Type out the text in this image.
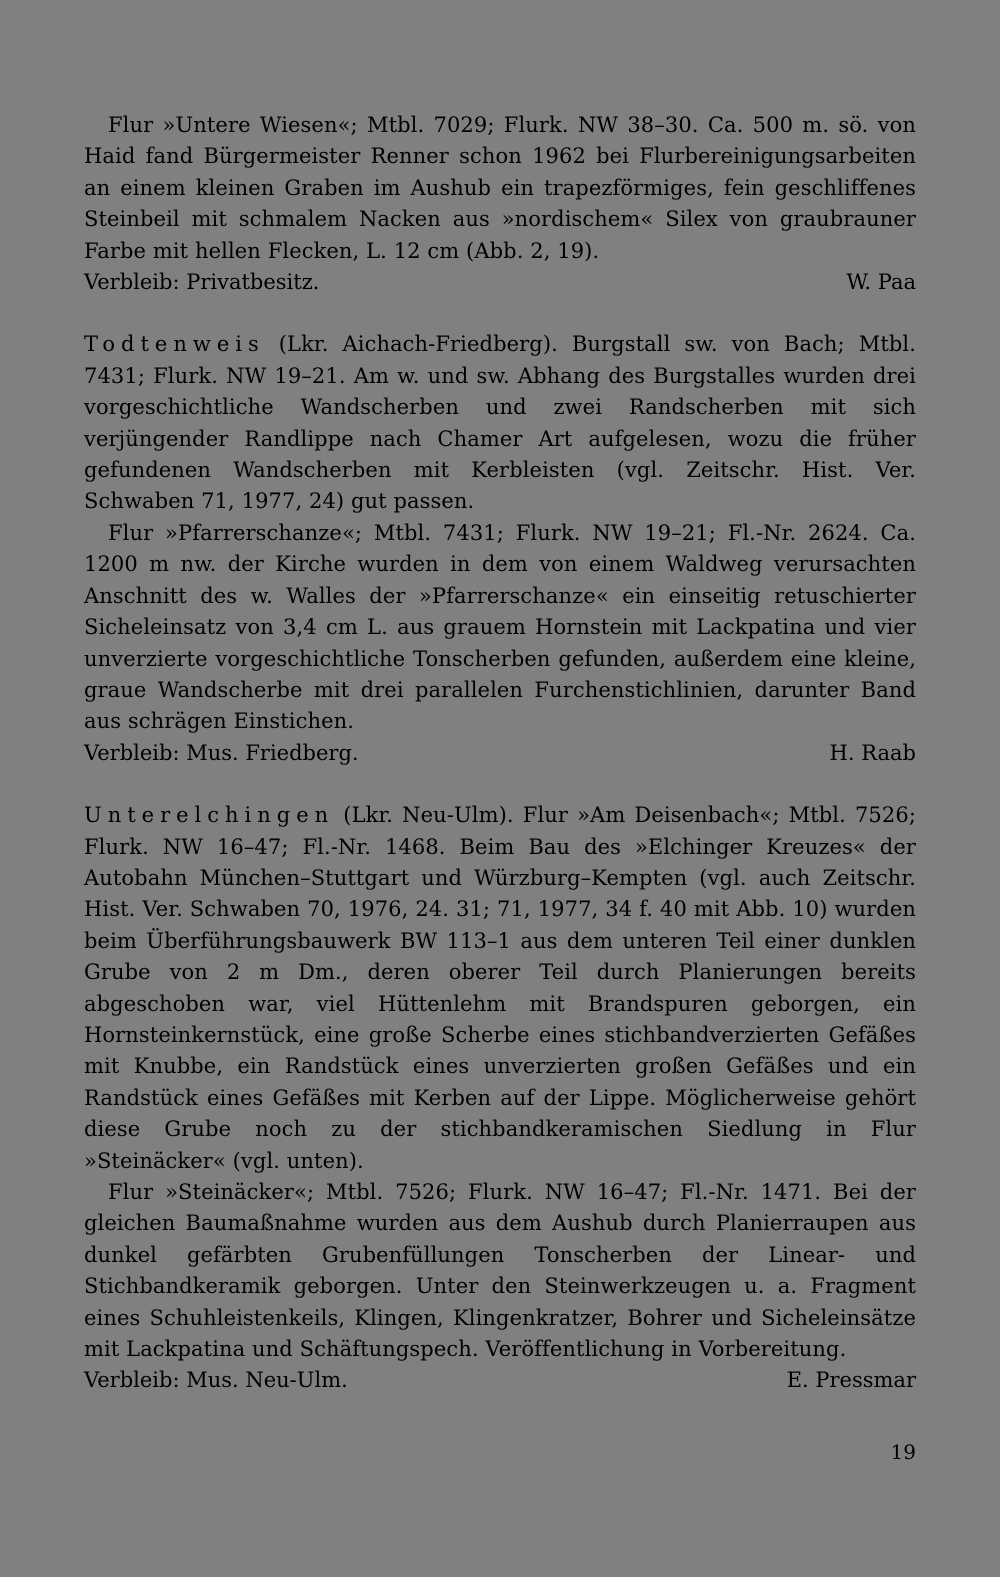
Flur »Untere Wiesen«; Mtbl. 7029; Flurk. NW 38–30. Ca. 500 m. sö. von Haid fand Bürgermeister Renner schon 1962 bei Flurbereinigungsarbeiten an einem kleinen Graben im Aushub ein trapezförmiges, fein geschliffenes Steinbeil mit schmalem Nacken aus »nordischem« Silex von graubrauner Farbe mit hellen Flecken, L. 12 cm (Abb. 2, 19).

Verbleib: Privatbesitz.	W. Paa

Todtenweis (Lkr. Aichach-Friedberg). Burgstall sw. von Bach; Mtbl. 7431; Flurk. NW 19–21. Am w. und sw. Abhang des Burgstalles wurden drei vorgeschichtliche Wandscherben und zwei Randscherben mit sich verjüngender Randlippe nach Chamer Art aufgelesen, wozu die früher gefundenen Wandscherben mit Kerbleisten (vgl. Zeitschr. Hist. Ver. Schwaben 71, 1977, 24) gut passen.

Flur »Pfarrerschanze«; Mtbl. 7431; Flurk. NW 19–21; Fl.-Nr. 2624. Ca. 1200 m nw. der Kirche wurden in dem von einem Waldweg verursachten Anschnitt des w. Walles der »Pfarrerschanze« ein einseitig retuschierter Sicheleinsatz von 3,4 cm L. aus grauem Hornstein mit Lackpatina und vier unverzierte vorgeschichtliche Tonscherben gefunden, außerdem eine kleine, graue Wandscherbe mit drei parallelen Furchenstichlinien, darunter Band aus schrägen Einstichen.

Verbleib: Mus. Friedberg.	H. Raab

Unterelchingen (Lkr. Neu-Ulm). Flur »Am Deisenbach«; Mtbl. 7526; Flurk. NW 16–47; Fl.-Nr. 1468. Beim Bau des »Elchinger Kreuzes« der Autobahn München–Stuttgart und Würzburg–Kempten (vgl. auch Zeitschr. Hist. Ver. Schwaben 70, 1976, 24. 31; 71, 1977, 34 f. 40 mit Abb. 10) wurden beim Überführungsbauwerk BW 113–1 aus dem unteren Teil einer dunklen Grube von 2 m Dm., deren oberer Teil durch Planierungen bereits abgeschoben war, viel Hüttenlehm mit Brandspuren geborgen, ein Hornsteinkernstück, eine große Scherbe eines stichbandverzierten Gefäßes mit Knubbe, ein Randstück eines unverzierten großen Gefäßes und ein Randstück eines Gefäßes mit Kerben auf der Lippe. Möglicherweise gehört diese Grube noch zu der stichbandkeramischen Siedlung in Flur »Steinäcker« (vgl. unten).

Flur »Steinäcker«; Mtbl. 7526; Flurk. NW 16–47; Fl.-Nr. 1471. Bei der gleichen Baumaßnahme wurden aus dem Aushub durch Planierraupen aus dunkel gefärbten Grubenfüllungen Tonscherben der Linear- und Stichbandkeramik geborgen. Unter den Steinwerkzeugen u. a. Fragment eines Schuhleistenkeils, Klingen, Klingenkratzer, Bohrer und Sicheleinsätze mit Lackpatina und Schäftungspech. Veröffentlichung in Vorbereitung.

Verbleib: Mus. Neu-Ulm.	E. Pressmar
19
